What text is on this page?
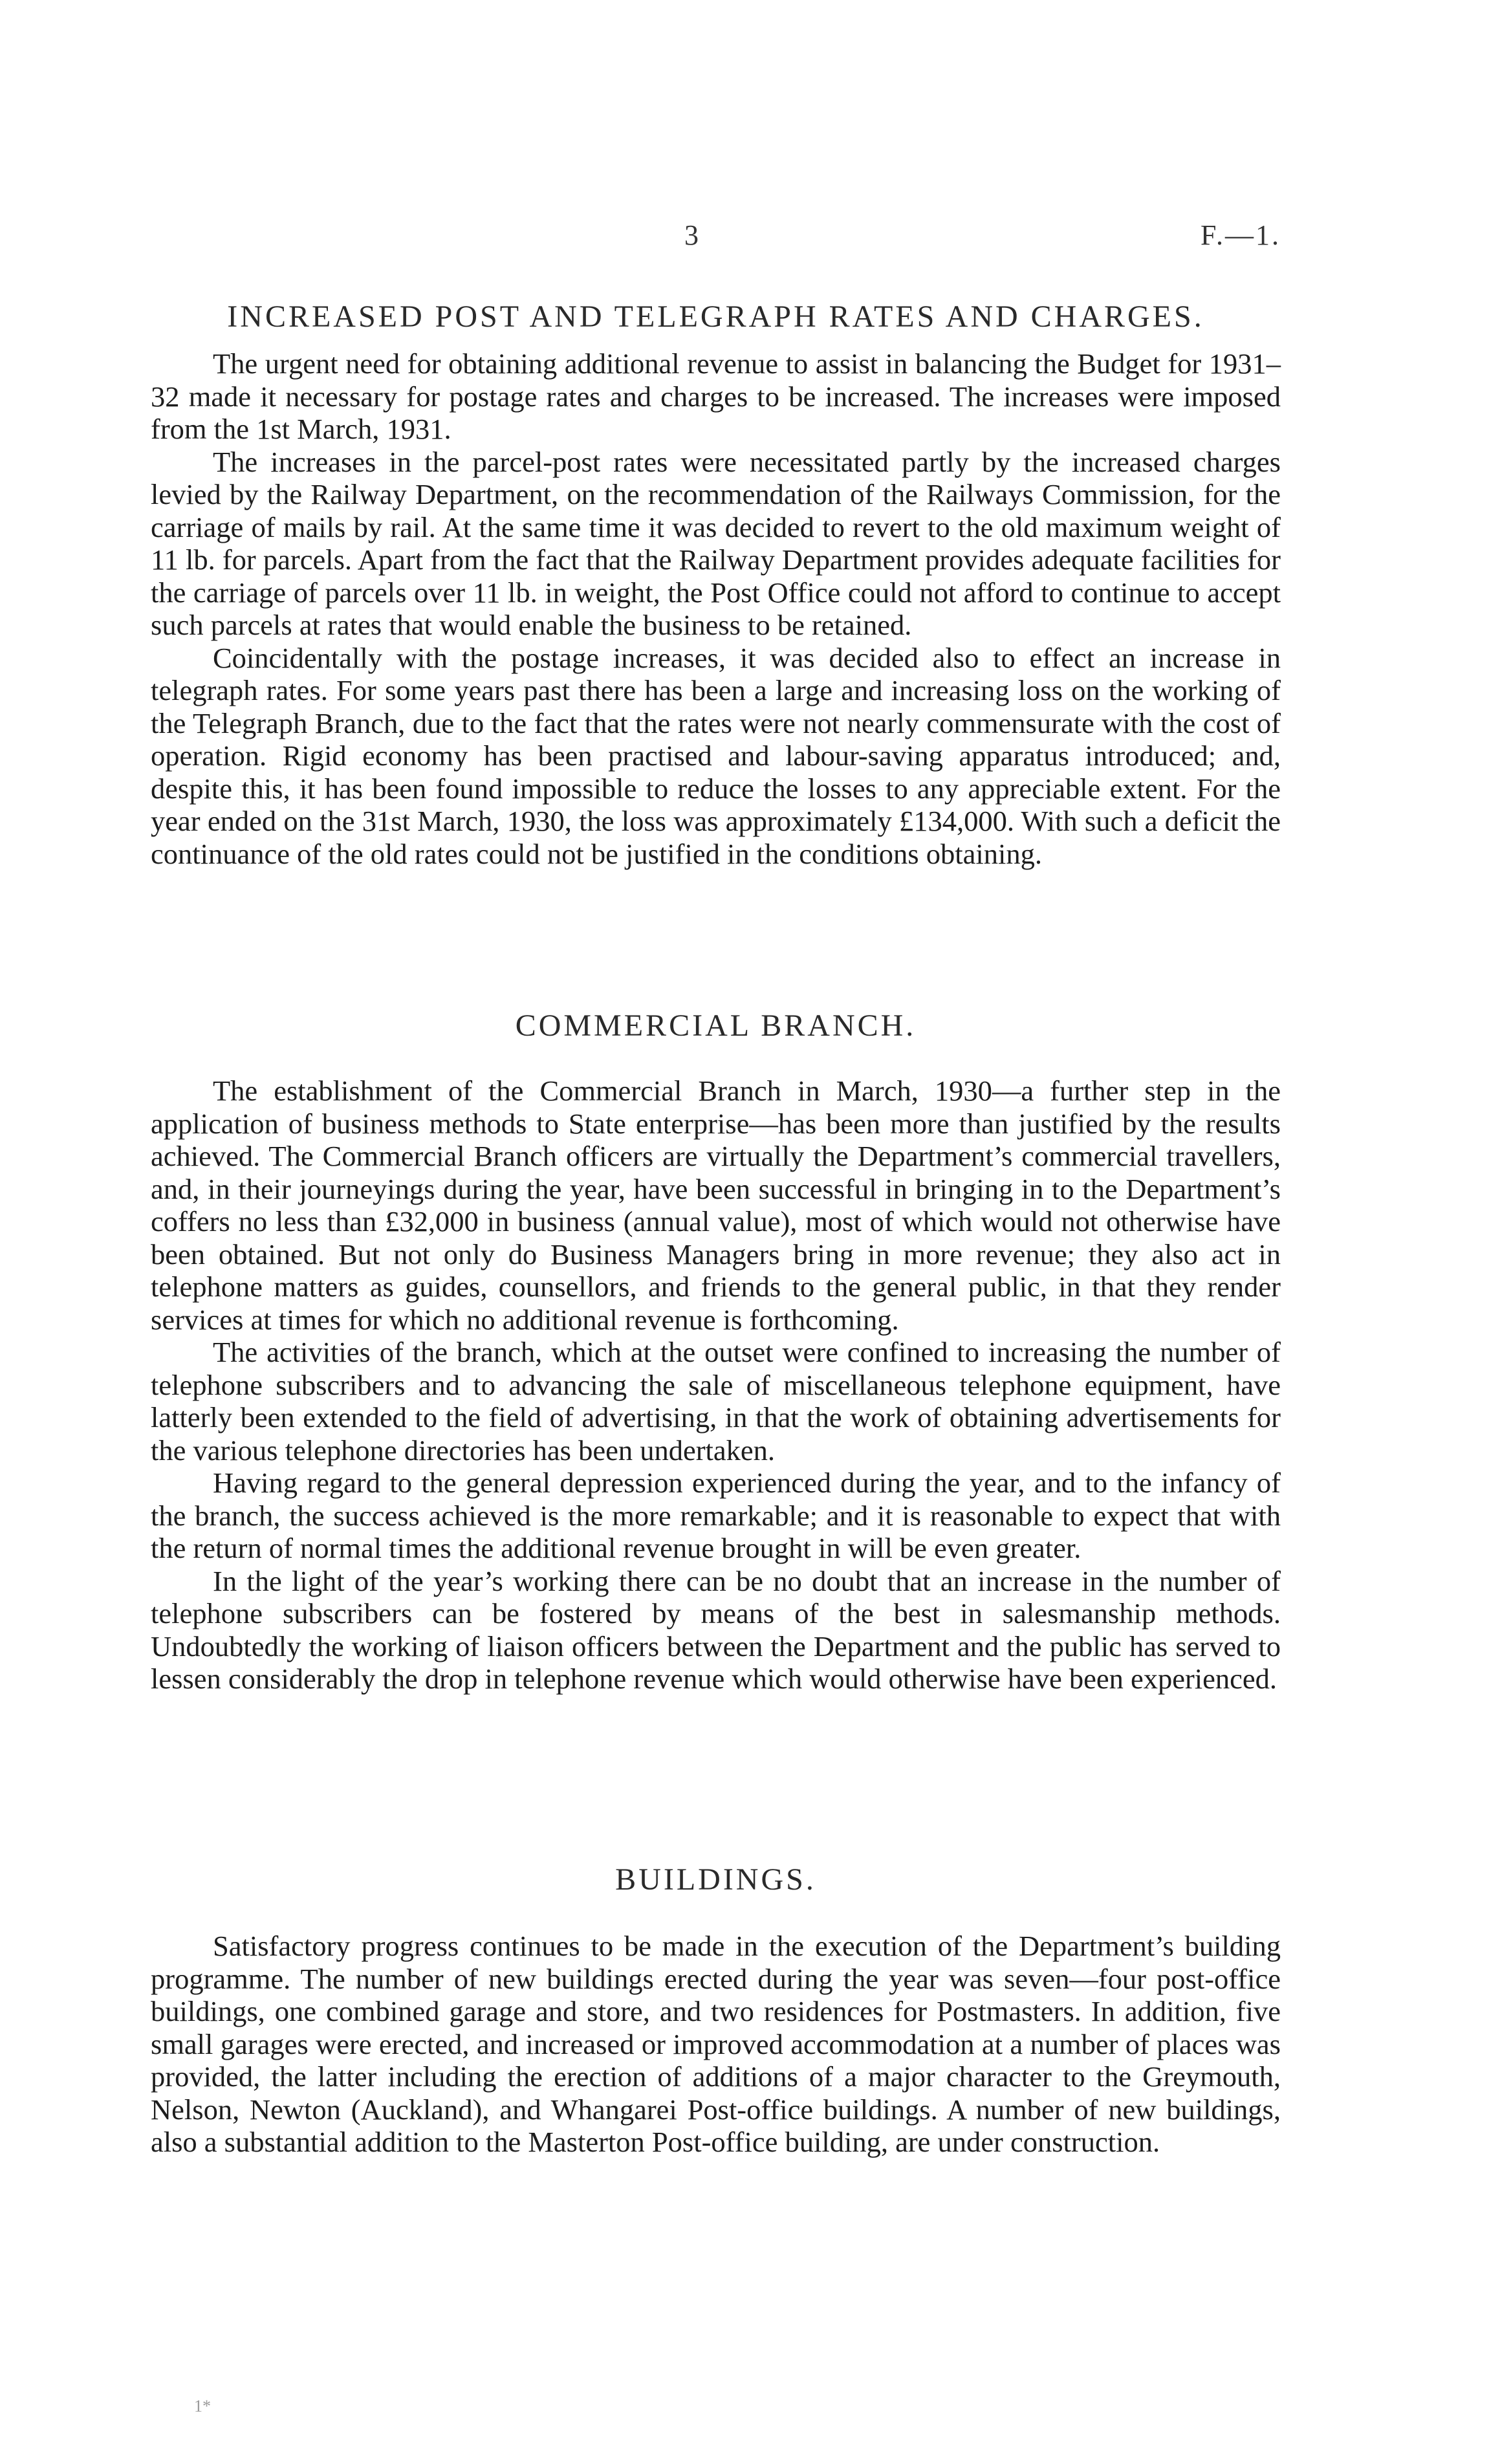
3	F.—1.
INCREASED POST AND TELEGRAPH RATES AND CHARGES.

The urgent need for obtaining additional revenue to assist in balancing the Budget for 1931–32 made it necessary for postage rates and charges to be increased. The increases were imposed from the 1st March, 1931.

The increases in the parcel-post rates were necessitated partly by the increased charges levied by the Railway Department, on the recommendation of the Railways Commission, for the carriage of mails by rail. At the same time it was decided to revert to the old maximum weight of 11 lb. for parcels. Apart from the fact that the Railway Department provides adequate facilities for the carriage of parcels over 11 lb. in weight, the Post Office could not afford to continue to accept such parcels at rates that would enable the business to be retained.

Coincidentally with the postage increases, it was decided also to effect an increase in telegraph rates. For some years past there has been a large and increasing loss on the working of the Telegraph Branch, due to the fact that the rates were not nearly commensurate with the cost of operation. Rigid economy has been practised and labour-saving apparatus introduced; and, despite this, it has been found impossible to reduce the losses to any appreciable extent. For the year ended on the 31st March, 1930, the loss was approximately £134,000. With such a deficit the continuance of the old rates could not be justified in the conditions obtaining.

COMMERCIAL BRANCH.

The establishment of the Commercial Branch in March, 1930—a further step in the application of business methods to State enterprise—has been more than justified by the results achieved. The Commercial Branch officers are virtually the Department’s commercial travellers, and, in their journeyings during the year, have been successful in bringing in to the Department’s coffers no less than £32,000 in business (annual value), most of which would not otherwise have been obtained. But not only do Business Managers bring in more revenue; they also act in telephone matters as guides, counsellors, and friends to the general public, in that they render services at times for which no additional revenue is forthcoming.

The activities of the branch, which at the outset were confined to increasing the number of telephone subscribers and to advancing the sale of miscellaneous telephone equipment, have latterly been extended to the field of advertising, in that the work of obtaining advertisements for the various telephone directories has been undertaken.

Having regard to the general depression experienced during the year, and to the infancy of the branch, the success achieved is the more remarkable; and it is reasonable to expect that with the return of normal times the additional revenue brought in will be even greater.

In the light of the year’s working there can be no doubt that an increase in the number of telephone subscribers can be fostered by means of the best in salesmanship methods. Undoubtedly the working of liaison officers between the Department and the public has served to lessen considerably the drop in telephone revenue which would otherwise have been experienced.

BUILDINGS.

Satisfactory progress continues to be made in the execution of the Department’s building programme. The number of new buildings erected during the year was seven—four post-office buildings, one combined garage and store, and two residences for Postmasters. In addition, five small garages were erected, and increased or improved accommodation at a number of places was provided, the latter including the erection of additions of a major character to the Greymouth, Nelson, Newton (Auckland), and Whangarei Post-office buildings. A number of new buildings, also a substantial addition to the Masterton Post-office building, are under construction.

1*
